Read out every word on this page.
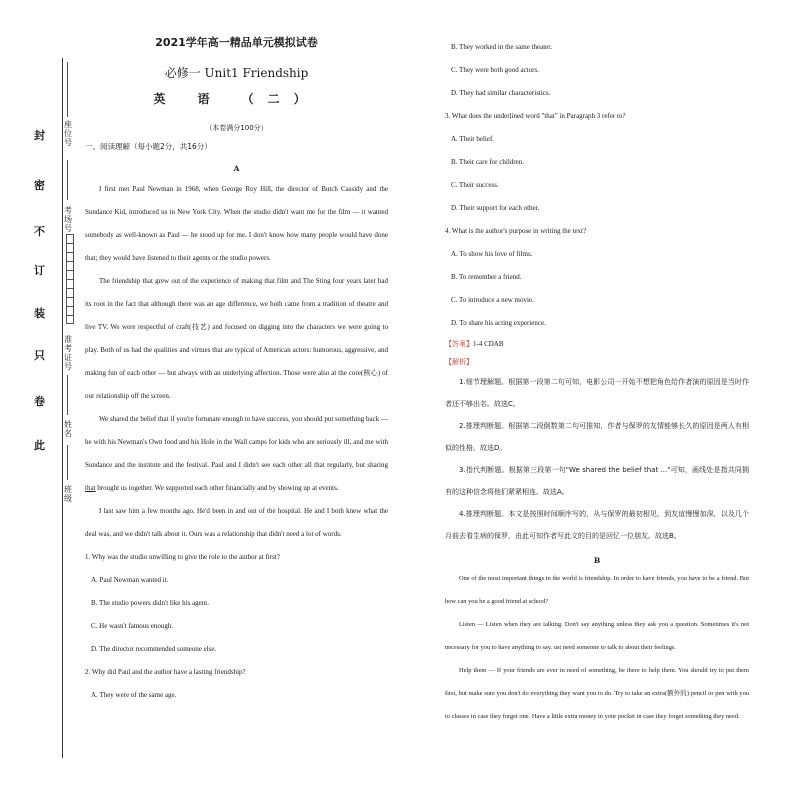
封
密
不
订
装
只
卷
此
座位号
考场号
准考证号
姓名
班级
2021学年高一精品单元模拟试卷
必修一 Unit1 Friendship
英 语 （二）
（本卷满分100分）
一、阅读理解（每小题2分，共16分）
A

I first met Paul Newman in 1968, when George Roy Hill, the director of Butch Cassidy and the Sundance Kid, introduced us in New York City. When the studio didn't want me for the film — it wanted somebody as well-known as Paul — he stood up for me. I don't know how many people would have done that; they would have listened to their agents or the studio powers.

The friendship that grew out of the experience of making that film and The Sting four years later had its root in the fact that although there was an age difference, we both came from a tradition of theatre and live TV. We were respectful of craft(技艺) and focused on digging into the characters we were going to play. Both of us had the qualities and virtues that are typical of American actors: humorous, aggressive, and making fun of each other — but always with an underlying affection. Those were also at the core(核心) of our relationship off the screen.

We shared the belief that if you're fortunate enough to have success, you should put something back — he with his Newman's Own food and his Hole in the Wall camps for kids who are seriously ill, and me with Sundance and the institute and the festival. Paul and I didn't see each other all that regularly, but sharing that brought us together. We supported each other financially and by showing up at events.

I last saw him a few months ago. He'd been in and out of the hospital. He and I both knew what the deal was, and we didn't talk about it. Ours was a relationship that didn't need a lot of words.

1. Why was the studio unwilling to give the role to the author at first?

A. Paul Newman wanted it.

B. The studio powers didn't like his agent.

C. He wasn't famous enough.

D. The director recommended someone else.

2. Why did Paul and the author have a lasting friendship?

A. They were of the same age.

B. They worked in the same theater.

C. They were both good actors.

D. They had similar characteristics.

3. What does the underlined word "that" in Paragraph 3 refer to?

A. Their belief.

B. Their care for children.

C. Their success.

D. Their support for each other.

4. What is the author's purpose in writing the text?

A. To show his love of films.

B. To remember a friend.

C. To introduce a new movie.

D. To share his acting experience.

【答案】1-4 CDAB

【解析】

1.细节理解题。根据第一段第二句可知，电影公司一开始不想把角色给作者演的原因是当时作者还不够出名。故选C。

2.推理判断题。根据第二段倒数第二句可推知，作者与保罗的友情能够长久的原因是两人有相似的性格。故选D。

3.指代判断题。根据第三段第一句"We shared the belief that ..."可知，画线处是指共同拥有的这种信念将他们紧紧相连。故选A。

4.推理判断题。本文是按照时间顺序写的，从与保罗的最初相见，到友谊慢慢加深，以及几个月前去看生病的保罗，由此可知作者写此文的目的是回忆一位朋友。故选B。

B

One of the most important things in the world is friendship. In order to have friends, you have to be a friend. But how can you be a good friend at school?

Listen — Listen when they are talking. Don't say anything unless they ask you a question. Sometimes it's not necessary for you to have anything to say. ust need someone to talk to about their feelings.

Help them — If your friends are ever in need of something, be there to help them. You should try to put them first, but make sure you don't do everything they want you to do. Try to take an extra(额外的) pencil or pen with you to classes in case they forget one. Have a little extra money in your pocket in case they forget something they need.
